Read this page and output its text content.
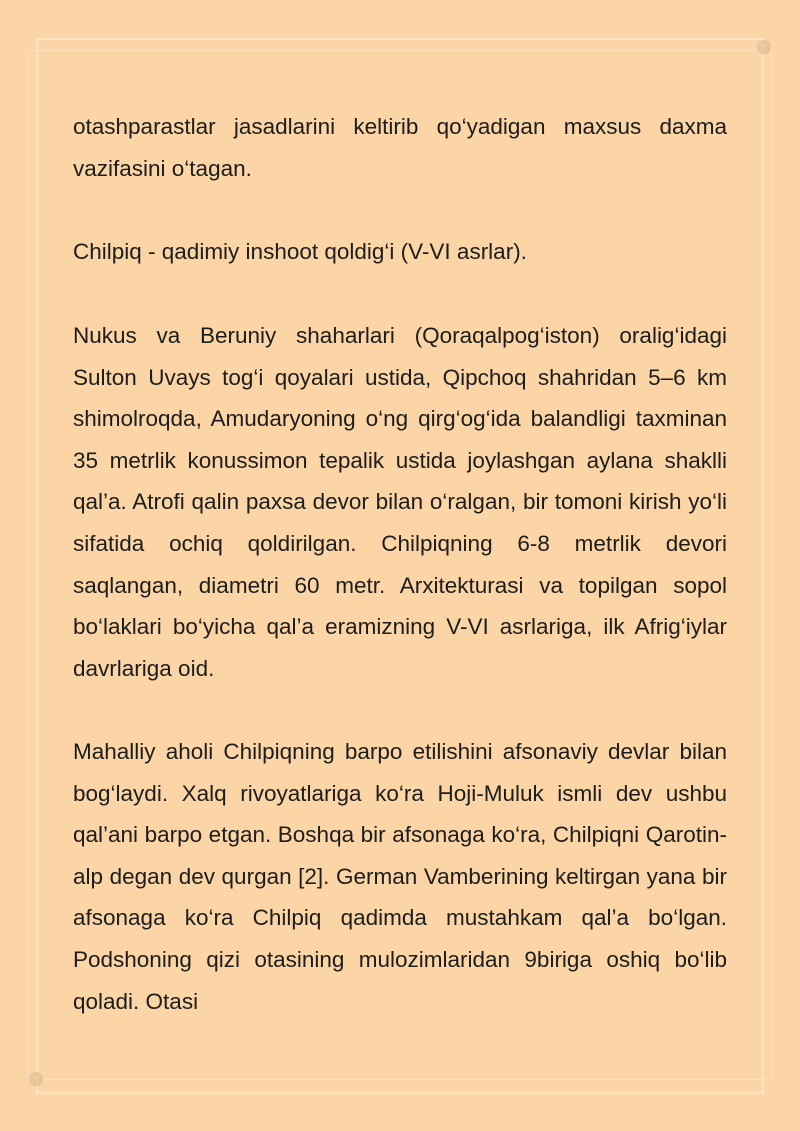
otashparastlar jasadlarini keltirib qo‘yadigan maxsus daxma vazifasini o‘tagan.

Chilpiq - qadimiy inshoot qoldig‘i (V-VI asrlar).

Nukus va Beruniy shaharlari (Qoraqalpog‘iston) oralig‘idagi Sulton Uvays tog‘i qoyalari ustida, Qipchoq shahridan 5–6 km shimolroqda, Amudaryoning o‘ng qirg‘og‘ida balandligi taxminan 35 metrlik konussimon tepalik ustida joylashgan aylana shaklli qal’a. Atrofi qalin paxsa devor bilan o‘ralgan, bir tomoni kirish yo‘li sifatida ochiq qoldirilgan. Chilpiqning 6-8 metrlik devori saqlangan, diametri 60 metr. Arxitekturasi va topilgan sopol bo‘laklari bo‘yicha qal’a eramizning V-VI asrlariga, ilk Afrig‘iylar davrlariga oid.

Mahalliy aholi Chilpiqning barpo etilishini afsonaviy devlar bilan bog‘laydi. Xalq rivoyatlariga ko‘ra Hoji-Muluk ismli dev ushbu qal’ani barpo etgan. Boshqa bir afsonaga ko‘ra, Chilpiqni Qarotin-alp degan dev qurgan [2]. German Vamberining keltirgan yana bir afsonaga ko‘ra Chilpiq qadimda mustahkam qal’a bo‘lgan. Podshoning qizi otasining mulozimlaridan 9biriga oshiq bo‘lib qoladi. Otasi
